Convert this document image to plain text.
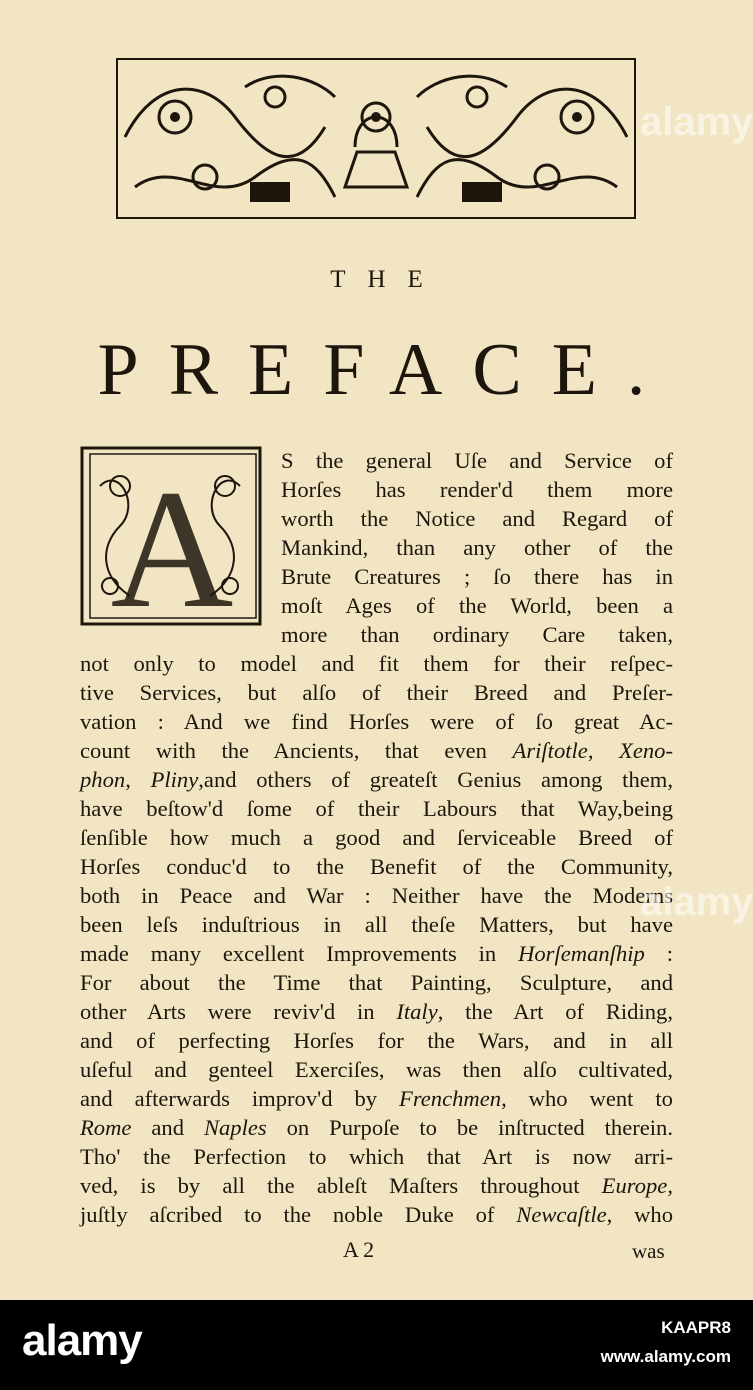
THE
PREFACE.
A S the general Uſe and Service of
Horſes has render'd them more
worth the Notice and Regard of
Mankind, than any other of the
Brute Creatures ; ſo there has in
moſt Ages of the World, been a
more than ordinary Care taken,
not only to model and fit them for their reſpec-
tive Services, but alſo of their Breed and Preſer-
vation : And we find Horſes were of ſo great Ac-
count with the Ancients, that even Ariſtotle, Xeno-
phon, Pliny,and others of greateſt Genius among them,
have beſtow'd ſome of their Labours that Way,being
ſenſible how much a good and ſerviceable Breed of
Horſes conduc'd to the Benefit of the Community,
both in Peace and War : Neither have the Moderns
been leſs induſtrious in all theſe Matters, but have
made many excellent Improvements in Horſemanſhip :
For about the Time that Painting, Sculpture, and
other Arts were reviv'd in Italy, the Art of Riding,
and of perfecting Horſes for the Wars, and in all
uſeful and genteel Exerciſes, was then alſo cultivated,
and afterwards improv'd by Frenchmen, who went to
Rome and Naples on Purpoſe to be inſtructed therein.
Tho' the Perfection to which that Art is now arri-
ved, is by all the ableſt Maſters throughout Europe,
juſtly aſcribed to the noble Duke of Newcaſtle, who
A 2	was
alamy
alamy
alamy	KAAPR8
www.alamy.com
